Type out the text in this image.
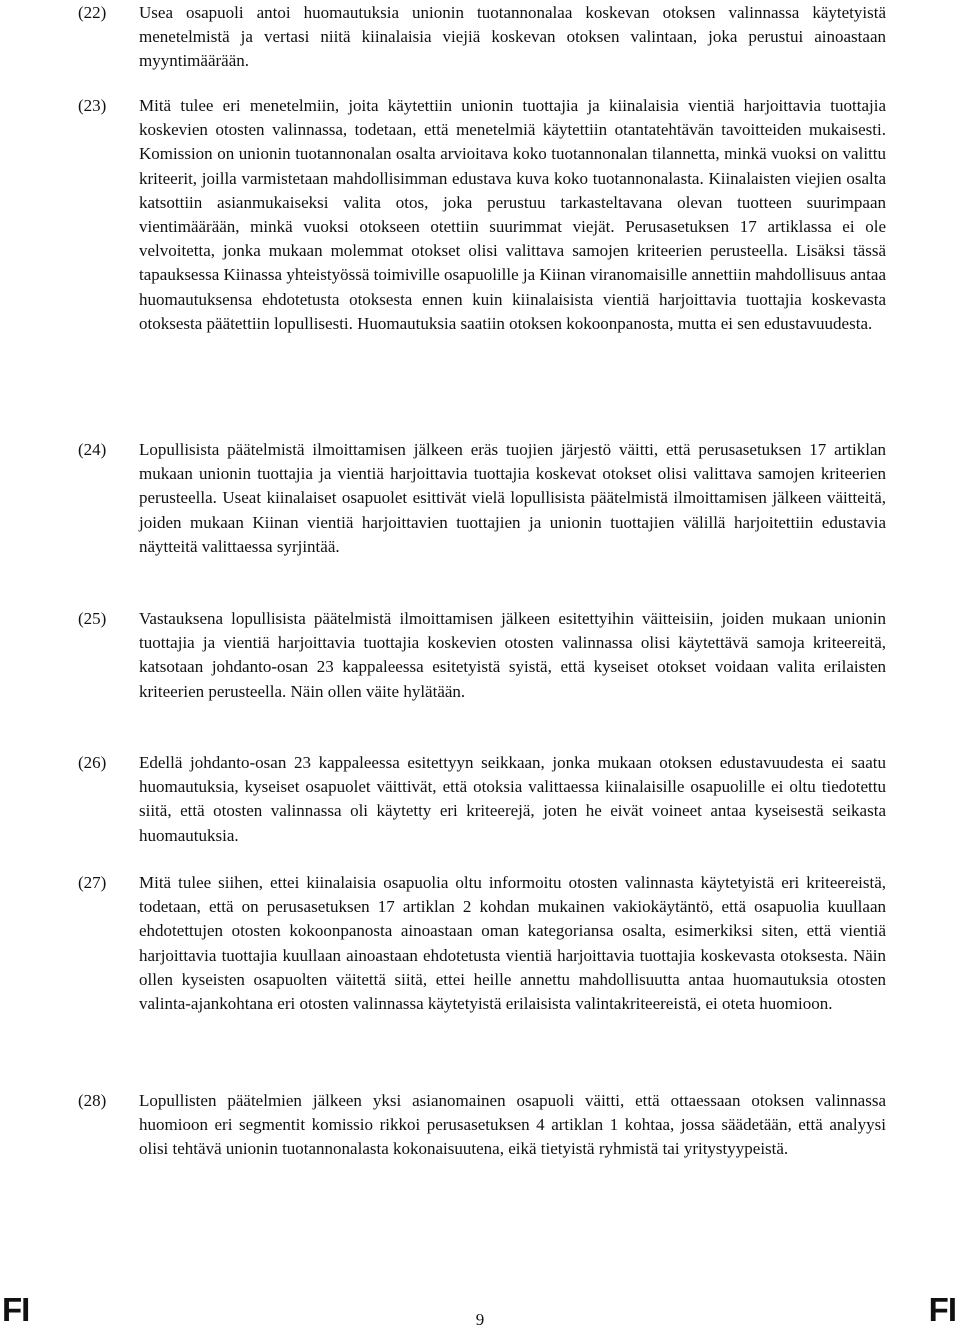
(22)	Usea osapuoli antoi huomautuksia unionin tuotannonalaa koskevan otoksen valinnassa käytetyistä menetelmistä ja vertasi niitä kiinalaisia viejiä koskevan otoksen valintaan, joka perustui ainoastaan myyntimäärään.
(23)	Mitä tulee eri menetelmiin, joita käytettiin unionin tuottajia ja kiinalaisia vientiä harjoittavia tuottajia koskevien otosten valinnassa, todetaan, että menetelmiä käytettiin otantatehtävän tavoitteiden mukaisesti. Komission on unionin tuotannonalan osalta arvioitava koko tuotannonalan tilannetta, minkä vuoksi on valittu kriteerit, joilla varmistetaan mahdollisimman edustava kuva koko tuotannonalasta. Kiinalaisten viejien osalta katsottiin asianmukaiseksi valita otos, joka perustuu tarkasteltavana olevan tuotteen suurimpaan vientimäärään, minkä vuoksi otokseen otettiin suurimmat viejät. Perusasetuksen 17 artiklassa ei ole velvoitetta, jonka mukaan molemmat otokset olisi valittava samojen kriteerien perusteella. Lisäksi tässä tapauksessa Kiinassa yhteistyössä toimiville osapuolille ja Kiinan viranomaisille annettiin mahdollisuus antaa huomautuksensa ehdotetusta otoksesta ennen kuin kiinalaisista vientiä harjoittavia tuottajia koskevasta otoksesta päätettiin lopullisesti. Huomautuksia saatiin otoksen kokoonpanosta, mutta ei sen edustavuudesta.
(24)	Lopullisista päätelmistä ilmoittamisen jälkeen eräs tuojien järjestö väitti, että perusasetuksen 17 artiklan mukaan unionin tuottajia ja vientiä harjoittavia tuottajia koskevat otokset olisi valittava samojen kriteerien perusteella. Useat kiinalaiset osapuolet esittivät vielä lopullisista päätelmistä ilmoittamisen jälkeen väitteitä, joiden mukaan Kiinan vientiä harjoittavien tuottajien ja unionin tuottajien välillä harjoitettiin edustavia näytteitä valittaessa syrjintää.
(25)	Vastauksena lopullisista päätelmistä ilmoittamisen jälkeen esitettyihin väitteisiin, joiden mukaan unionin tuottajia ja vientiä harjoittavia tuottajia koskevien otosten valinnassa olisi käytettävä samoja kriteereitä, katsotaan johdanto-osan 23 kappaleessa esitetyistä syistä, että kyseiset otokset voidaan valita erilaisten kriteerien perusteella. Näin ollen väite hylätään.
(26)	Edellä johdanto-osan 23 kappaleessa esitettyyn seikkaan, jonka mukaan otoksen edustavuudesta ei saatu huomautuksia, kyseiset osapuolet väittivät, että otoksia valittaessa kiinalaisille osapuolille ei oltu tiedotettu siitä, että otosten valinnassa oli käytetty eri kriteerejä, joten he eivät voineet antaa kyseisestä seikasta huomautuksia.
(27)	Mitä tulee siihen, ettei kiinalaisia osapuolia oltu informoitu otosten valinnasta käytetyistä eri kriteereistä, todetaan, että on perusasetuksen 17 artiklan 2 kohdan mukainen vakiokäytäntö, että osapuolia kuullaan ehdotettujen otosten kokoonpanosta ainoastaan oman kategoriansa osalta, esimerkiksi siten, että vientiä harjoittavia tuottajia kuullaan ainoastaan ehdotetusta vientiä harjoittavia tuottajia koskevasta otoksesta. Näin ollen kyseisten osapuolten väitettä siitä, ettei heille annettu mahdollisuutta antaa huomautuksia otosten valinta-ajankohtana eri otosten valinnassa käytetyistä erilaisista valintakriteereistä, ei oteta huomioon.
(28)	Lopullisten päätelmien jälkeen yksi asianomainen osapuoli väitti, että ottaessaan otoksen valinnassa huomioon eri segmentit komissio rikkoi perusasetuksen 4 artiklan 1 kohtaa, jossa säädetään, että analyysi olisi tehtävä unionin tuotannonalasta kokonaisuutena, eikä tietyistä ryhmistä tai yritystyypeistä.
FI	9	FI
